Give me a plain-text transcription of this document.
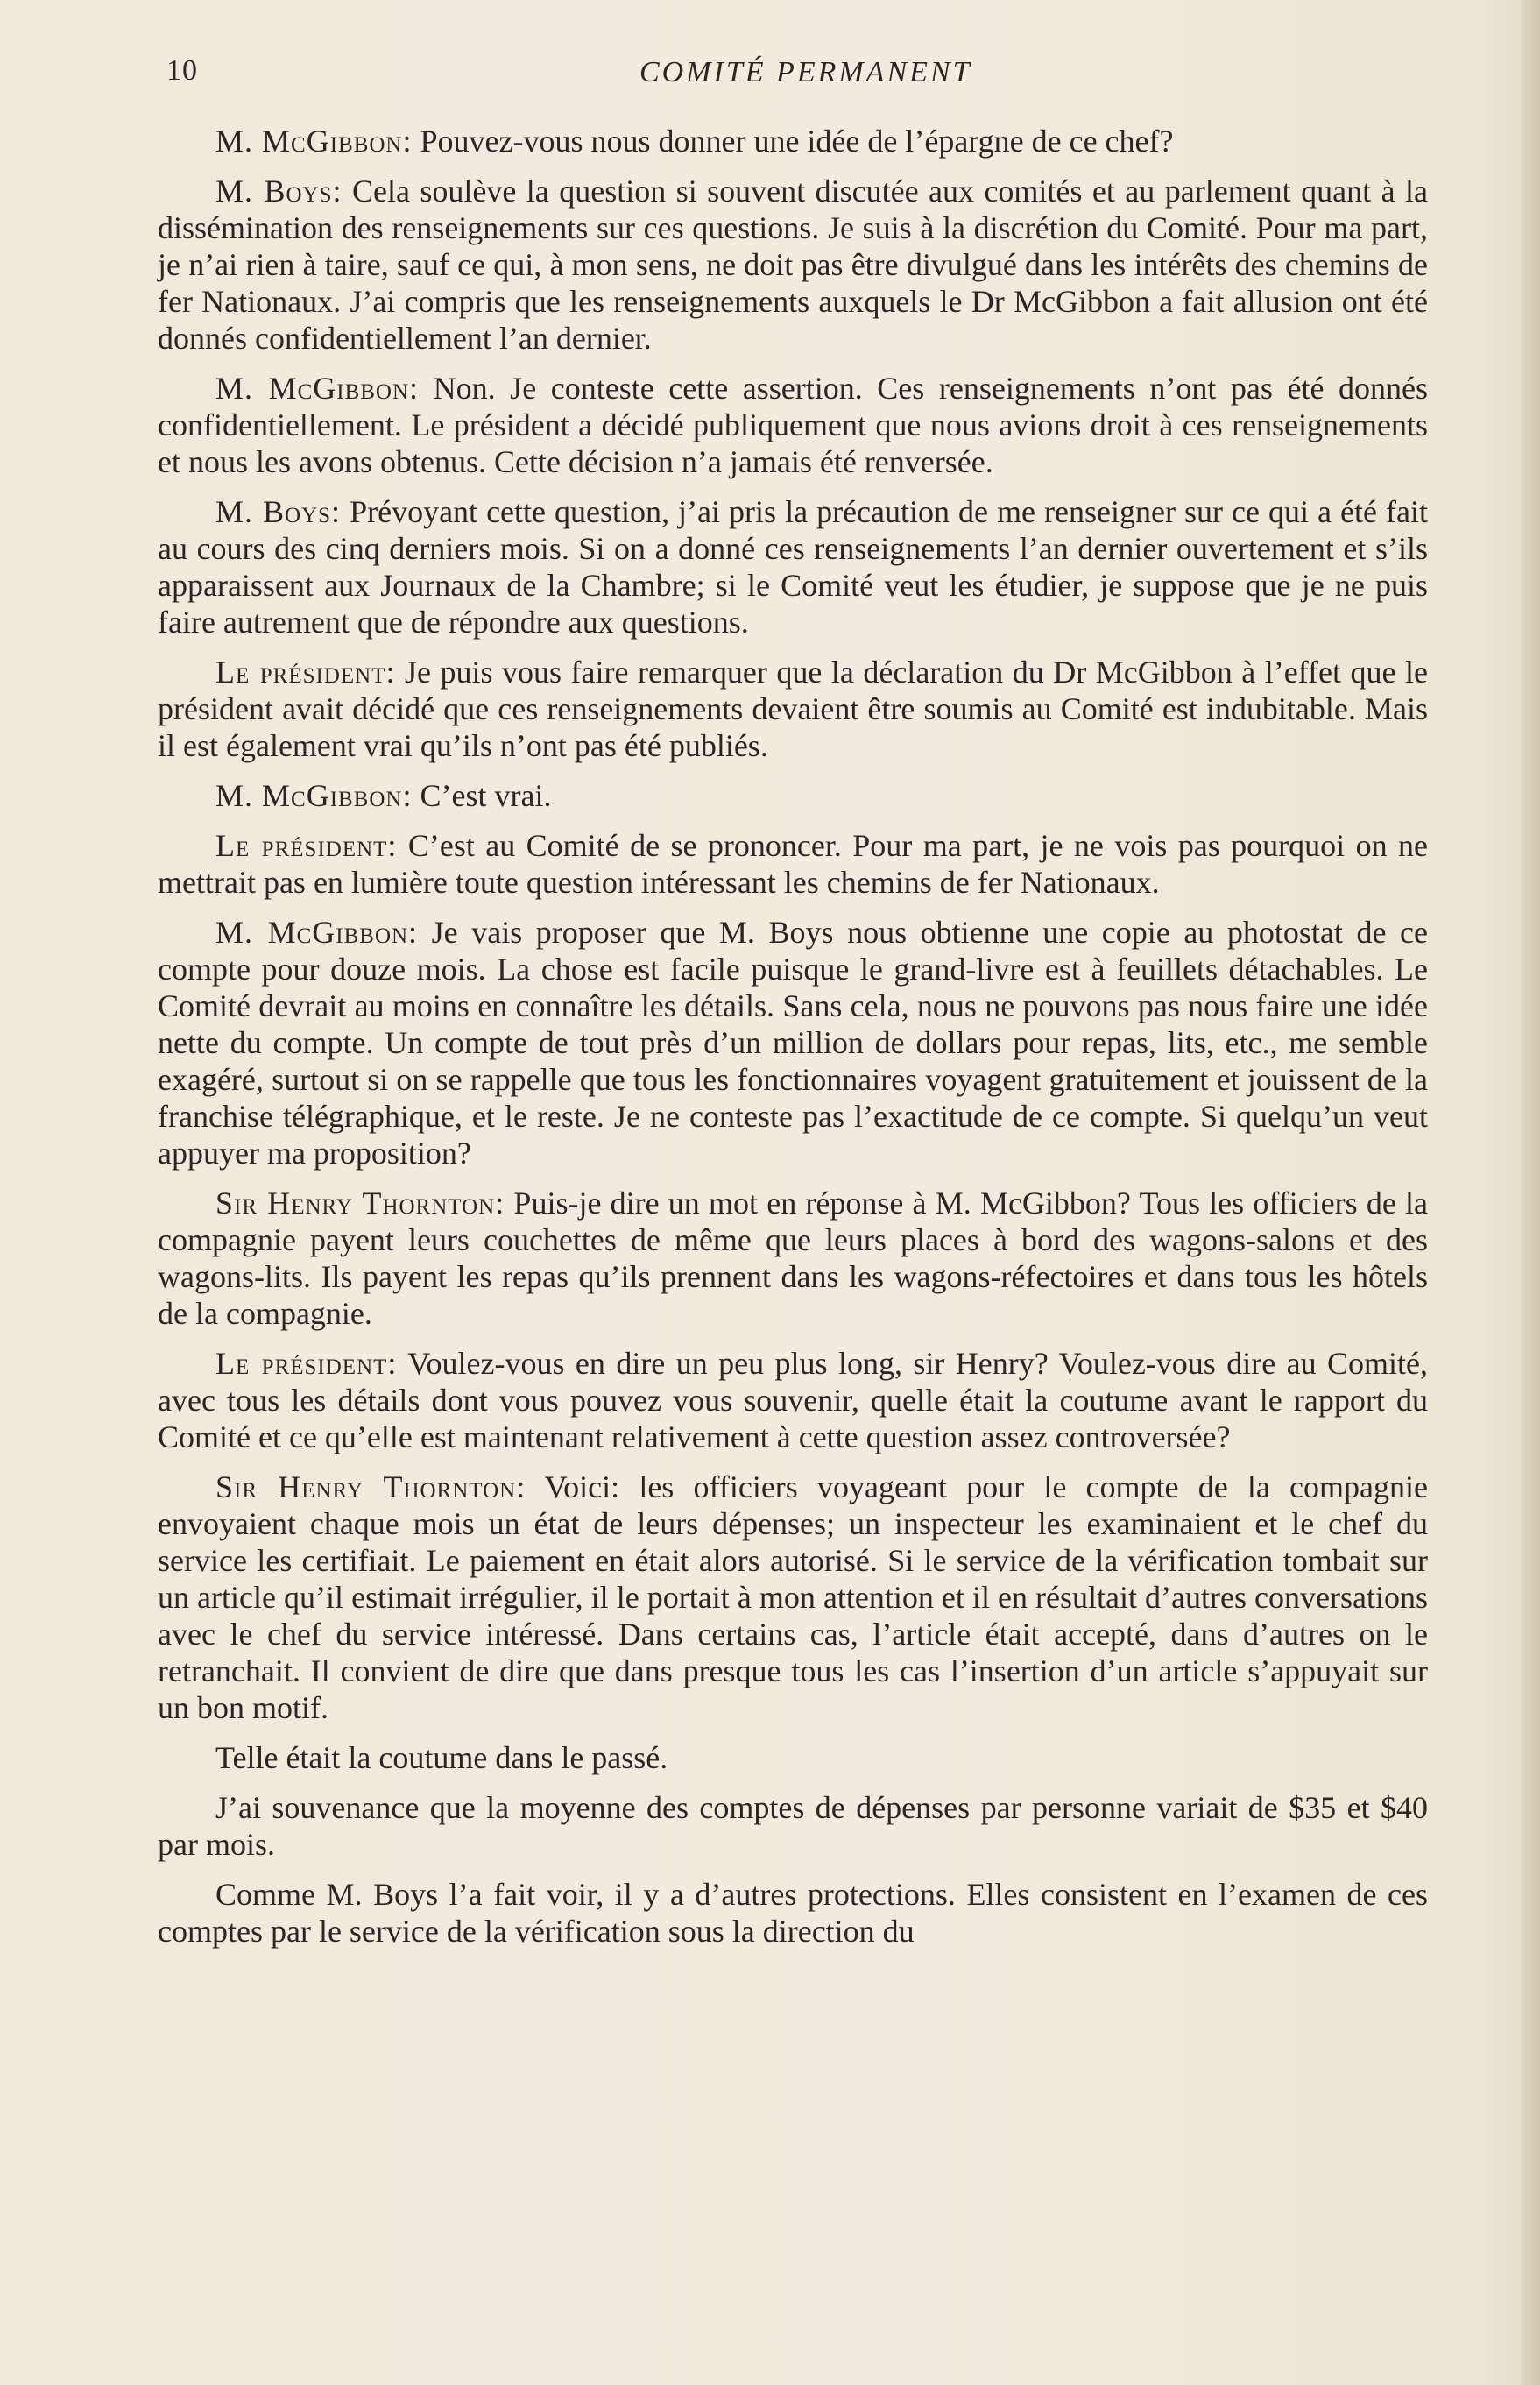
10	COMITÉ PERMANENT

M. McGibbon: Pouvez-vous nous donner une idée de l’épargne de ce chef?

M. Boys: Cela soulève la question si souvent discutée aux comités et au parlement quant à la dissémination des renseignements sur ces questions. Je suis à la discrétion du Comité. Pour ma part, je n’ai rien à taire, sauf ce qui, à mon sens, ne doit pas être divulgué dans les intérêts des chemins de fer Nationaux. J’ai compris que les renseignements auxquels le Dr McGibbon a fait allusion ont été donnés confidentiellement l’an dernier.

M. McGibbon: Non. Je conteste cette assertion. Ces renseignements n’ont pas été donnés confidentiellement. Le président a décidé publiquement que nous avions droit à ces renseignements et nous les avons obtenus. Cette décision n’a jamais été renversée.

M. Boys: Prévoyant cette question, j’ai pris la précaution de me renseigner sur ce qui a été fait au cours des cinq derniers mois. Si on a donné ces renseignements l’an dernier ouvertement et s’ils apparaissent aux Journaux de la Chambre; si le Comité veut les étudier, je suppose que je ne puis faire autrement que de répondre aux questions.

Le président: Je puis vous faire remarquer que la déclaration du Dr McGibbon à l’effet que le président avait décidé que ces renseignements devaient être soumis au Comité est indubitable. Mais il est également vrai qu’ils n’ont pas été publiés.

M. McGibbon: C’est vrai.

Le président: C’est au Comité de se prononcer. Pour ma part, je ne vois pas pourquoi on ne mettrait pas en lumière toute question intéressant les chemins de fer Nationaux.

M. McGibbon: Je vais proposer que M. Boys nous obtienne une copie au photostat de ce compte pour douze mois. La chose est facile puisque le grand-livre est à feuillets détachables. Le Comité devrait au moins en connaître les détails. Sans cela, nous ne pouvons pas nous faire une idée nette du compte. Un compte de tout près d’un million de dollars pour repas, lits, etc., me semble exagéré, surtout si on se rappelle que tous les fonctionnaires voyagent gratuitement et jouissent de la franchise télégraphique, et le reste. Je ne conteste pas l’exactitude de ce compte. Si quelqu’un veut appuyer ma proposition?

Sir Henry Thornton: Puis-je dire un mot en réponse à M. McGibbon? Tous les officiers de la compagnie payent leurs couchettes de même que leurs places à bord des wagons-salons et des wagons-lits. Ils payent les repas qu’ils prennent dans les wagons-réfectoires et dans tous les hôtels de la compagnie.

Le président: Voulez-vous en dire un peu plus long, sir Henry? Voulez-vous dire au Comité, avec tous les détails dont vous pouvez vous souvenir, quelle était la coutume avant le rapport du Comité et ce qu’elle est maintenant relativement à cette question assez controversée?

Sir Henry Thornton: Voici: les officiers voyageant pour le compte de la compagnie envoyaient chaque mois un état de leurs dépenses; un inspecteur les examinaient et le chef du service les certifiait. Le paiement en était alors autorisé. Si le service de la vérification tombait sur un article qu’il estimait irrégulier, il le portait à mon attention et il en résultait d’autres conversations avec le chef du service intéressé. Dans certains cas, l’article était accepté, dans d’autres on le retranchait. Il convient de dire que dans presque tous les cas l’insertion d’un article s’appuyait sur un bon motif.

Telle était la coutume dans le passé.

J’ai souvenance que la moyenne des comptes de dépenses par personne variait de $35 et $40 par mois.

Comme M. Boys l’a fait voir, il y a d’autres protections. Elles consistent en l’examen de ces comptes par le service de la vérification sous la direction du
